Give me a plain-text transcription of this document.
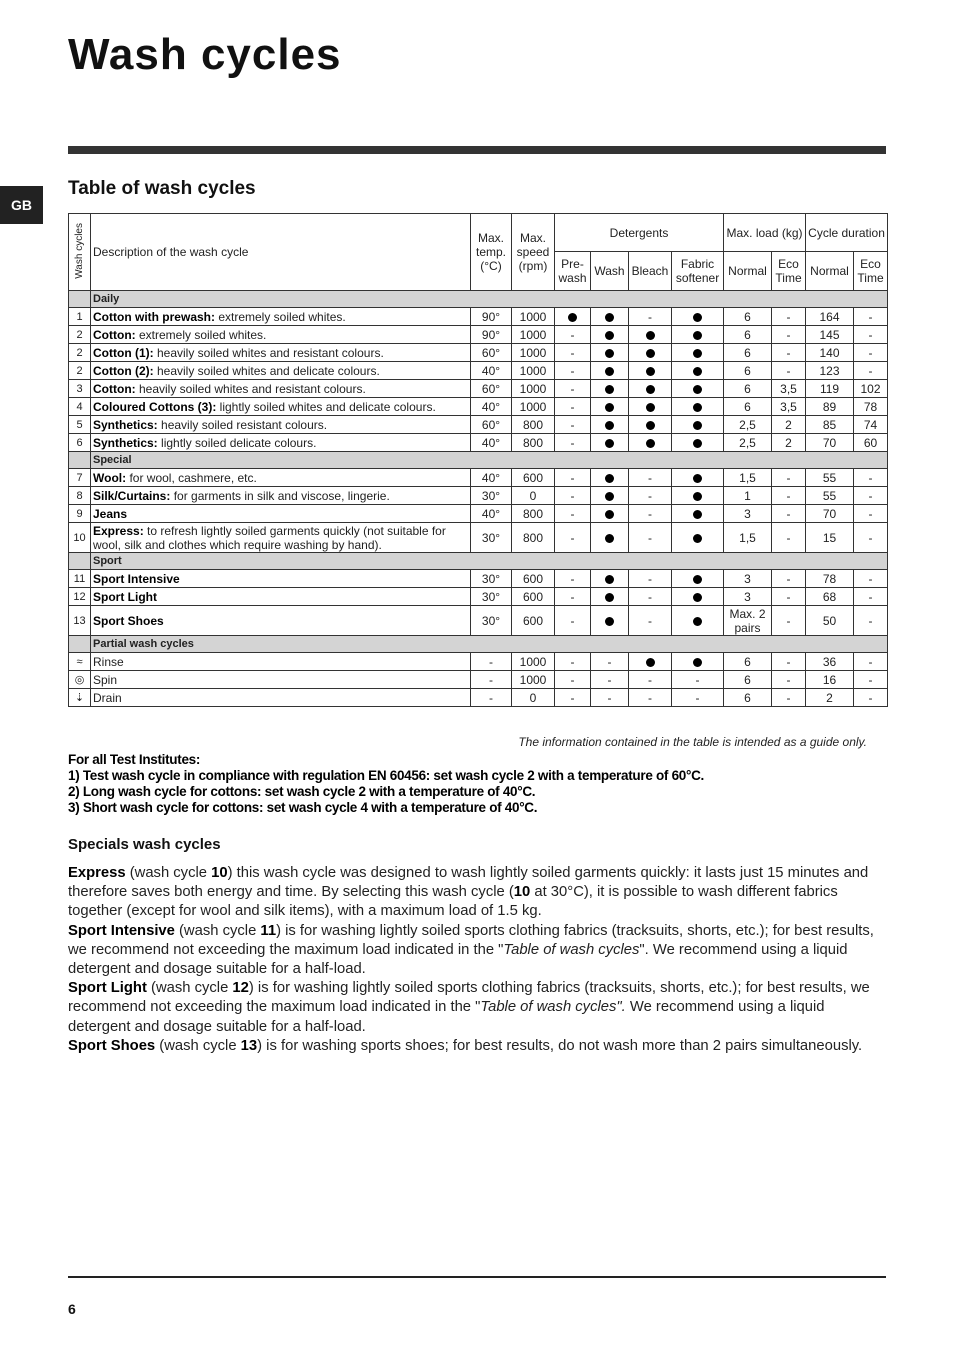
Wash cycles
GB
Table of wash cycles
Wash cycles	Description of the wash cycle	Max. temp. (°C)	Max. speed (rpm)	Detergents				Max. load (kg)		Cycle duration	
				Pre- wash	Wash	Bleach	Fabric softener	Normal	Eco Time	Normal	Eco Time
	Daily										
1	Cotton with prewash: extremely soiled whites.	90°	1000			-		6	-	164	-
2	Cotton: extremely soiled whites.	90°	1000	-				6	-	145	-
2	Cotton (1): heavily soiled whites and resistant colours.	60°	1000	-				6	-	140	-
2	Cotton (2): heavily soiled whites and delicate colours.	40°	1000	-				6	-	123	-
3	Cotton: heavily soiled whites and resistant colours.	60°	1000	-				6	3,5	119	102
4	Coloured Cottons (3): lightly soiled whites and delicate colours.	40°	1000	-				6	3,5	89	78
5	Synthetics: heavily soiled resistant colours.	60°	800	-				2,5	2	85	74
6	Synthetics: lightly soiled delicate colours.	40°	800	-				2,5	2	70	60
	Special										
7	Wool: for wool, cashmere, etc.	40°	600	-		-		1,5	-	55	-
8	Silk/Curtains: for garments in silk and viscose, lingerie.	30°	0	-		-		1	-	55	-
9	Jeans	40°	800	-		-		3	-	70	-
10	Express: to refresh lightly soiled garments quickly (not suitable for wool, silk and clothes which require washing by hand).	30°	800	-		-		1,5	-	15	-
	Sport										
11	Sport Intensive	30°	600	-		-		3	-	78	-
12	Sport Light	30°	600	-		-		3	-	68	-
13	Sport Shoes	30°	600	-		-		Max. 2 pairs	-	50	-
	Partial wash cycles										
≈	Rinse	-	1000	-	-			6	-	36	-
◎	Spin	-	1000	-	-	-	-	6	-	16	-
⇣	Drain	-	0	-	-	-	-	6	-	2	-

The information contained in the table is intended as a guide only.

For all Test Institutes:
1) Test wash cycle in compliance with regulation EN 60456: set wash cycle 2 with a temperature of 60°C.
2) Long wash cycle for cottons: set wash cycle 2 with a temperature of 40°C.
3) Short wash cycle for cottons: set wash cycle 4 with a temperature of 40°C.
Specials wash cycles

Express (wash cycle 10) this wash cycle was designed to wash lightly soiled garments quickly: it lasts just 15 minutes and therefore saves both energy and time. By selecting this wash cycle (10 at 30°C), it is possible to wash different fabrics together (except for wool and silk items), with a maximum load of 1.5 kg.

Sport Intensive (wash cycle 11) is for washing lightly soiled sports clothing fabrics (tracksuits, shorts, etc.); for best results, we recommend not exceeding the maximum load indicated in the "Table of wash cycles". We recommend using a liquid detergent and dosage suitable for a half-load.

Sport Light (wash cycle 12) is for washing lightly soiled sports clothing fabrics (tracksuits, shorts, etc.); for best results, we recommend not exceeding the maximum load indicated in the "Table of wash cycles". We recommend using a liquid detergent and dosage suitable for a half-load.

Sport Shoes (wash cycle 13) is for washing sports shoes; for best results, do not wash more than 2 pairs simultaneously.

6
